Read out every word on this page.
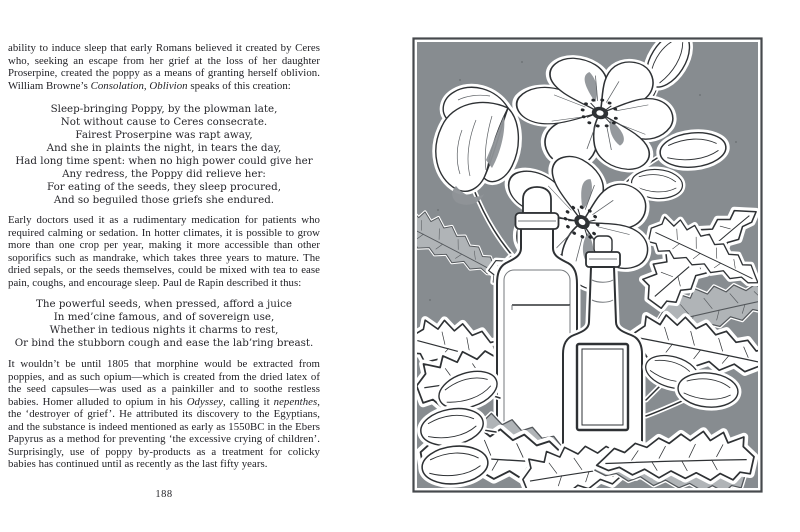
ability to induce sleep that early Romans believed it created by Ceres who, seeking an escape from her grief at the loss of her daughter Proserpine, created the poppy as a means of granting herself oblivion. William Browne’s Consolation, Oblivion speaks of this creation:

Sleep-bringing Poppy, by the plowman late,
Not without cause to Ceres consecrate.
Fairest Proserpine was rapt away,
And she in plaints the night, in tears the day,
Had long time spent: when no high power could give her
Any redress, the Poppy did relieve her:
For eating of the seeds, they sleep procured,
And so beguiled those griefs she endured.

Early doctors used it as a rudimentary medication for patients who required calming or sedation. In hotter climates, it is possible to grow more than one crop per year, making it more accessible than other soporifics such as mandrake, which takes three years to mature. The dried sepals, or the seeds themselves, could be mixed with tea to ease pain, coughs, and encourage sleep. Paul de Rapin described it thus:

The powerful seeds, when pressed, afford a juice
In med’cine famous, and of sovereign use,
Whether in tedious nights it charms to rest,
Or bind the stubborn cough and ease the lab’ring breast.

It wouldn’t be until 1805 that morphine would be extracted from poppies, and as such opium—which is created from the dried latex of the seed capsules—was used as a painkiller and to soothe restless babies. Homer alluded to opium in his Odyssey, calling it nepenthes, the ‘destroyer of grief’. He attributed its discovery to the Egyptians, and the substance is indeed mentioned as early as 1550BC in the Ebers Papyrus as a method for preventing ‘the excessive crying of children’. Surprisingly, use of poppy by-products as a treatment for colicky babies has continued until as recently as the last fifty years.

188
